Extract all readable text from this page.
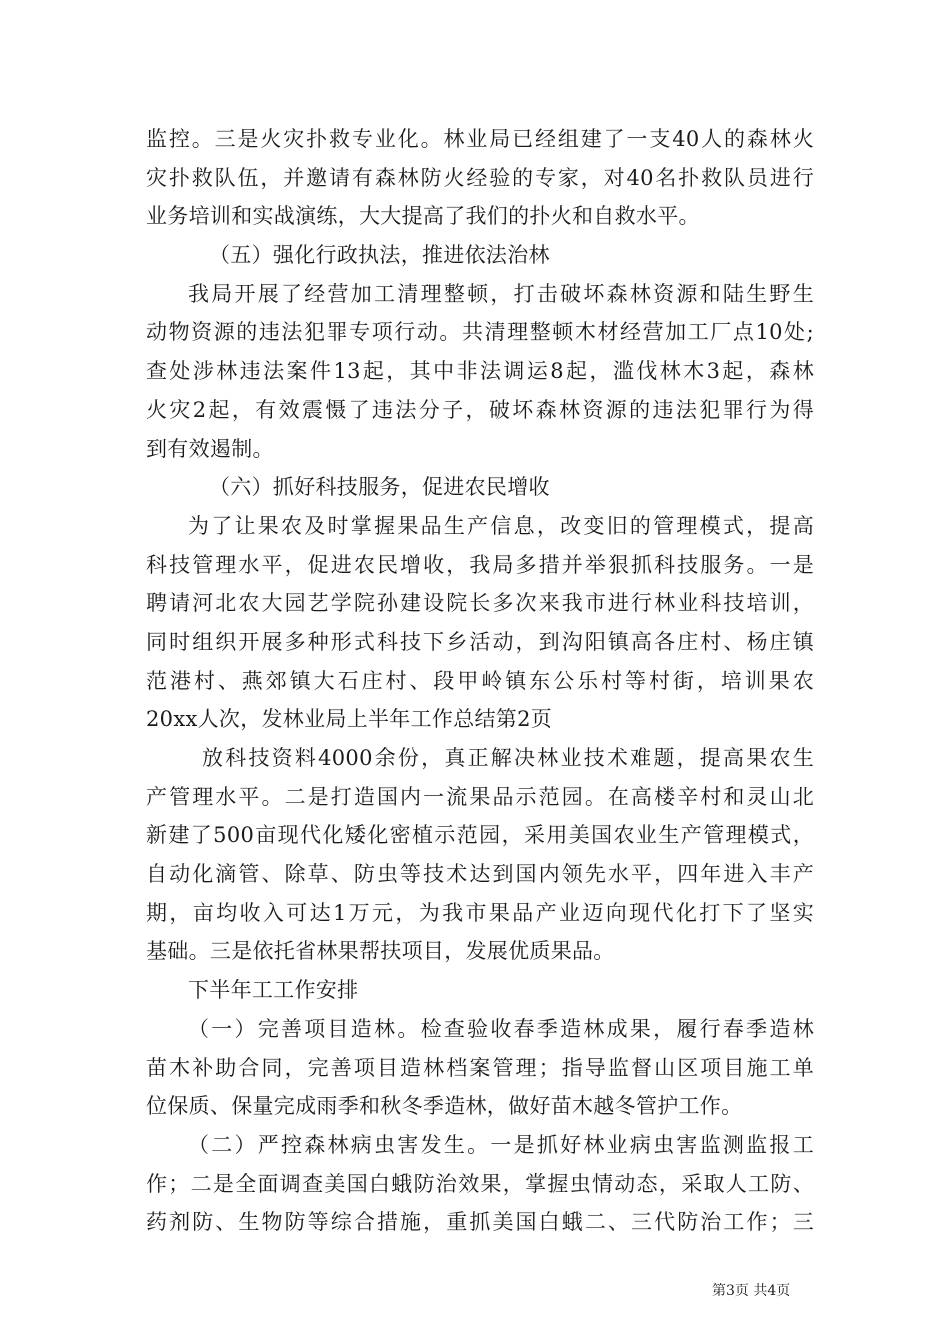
监控。三是火灾扑救专业化。林业局已经组建了一支40人的森林火
灾扑救队伍，并邀请有森林防火经验的专家，对40名扑救队员进行
业务培训和实战演练，大大提高了我们的扑火和自救水平。
（五）强化行政执法，推进依法治林
我局开展了经营加工清理整顿，打击破坏森林资源和陆生野生
动物资源的违法犯罪专项行动。共清理整顿木材经营加工厂点10处;
查处涉林违法案件13起，其中非法调运8起，滥伐林木3起，森林
火灾2起，有效震慑了违法分子，破坏森林资源的违法犯罪行为得
到有效遏制。
（六）抓好科技服务，促进农民增收
为了让果农及时掌握果品生产信息，改变旧的管理模式，提高
科技管理水平，促进农民增收，我局多措并举狠抓科技服务。一是
聘请河北农大园艺学院孙建设院长多次来我市进行林业科技培训，
同时组织开展多种形式科技下乡活动，到沟阳镇高各庄村、杨庄镇
范港村、燕郊镇大石庄村、段甲岭镇东公乐村等村街，培训果农
20xx人次，发林业局上半年工作总结第2页
放科技资料4000余份，真正解决林业技术难题，提高果农生
产管理水平。二是打造国内一流果品示范园。在高楼辛村和灵山北
新建了500亩现代化矮化密植示范园，采用美国农业生产管理模式，
自动化滴管、除草、防虫等技术达到国内领先水平，四年进入丰产
期，亩均收入可达1万元，为我市果品产业迈向现代化打下了坚实
基础。三是依托省林果帮扶项目，发展优质果品。
下半年工工作安排
（一）完善项目造林。检查验收春季造林成果，履行春季造林
苗木补助合同，完善项目造林档案管理；指导监督山区项目施工单
位保质、保量完成雨季和秋冬季造林，做好苗木越冬管护工作。
（二）严控森林病虫害发生。一是抓好林业病虫害监测监报工
作；二是全面调查美国白蛾防治效果，掌握虫情动态，采取人工防、
药剂防、生物防等综合措施，重抓美国白蛾二、三代防治工作；三
第3页 共4页
